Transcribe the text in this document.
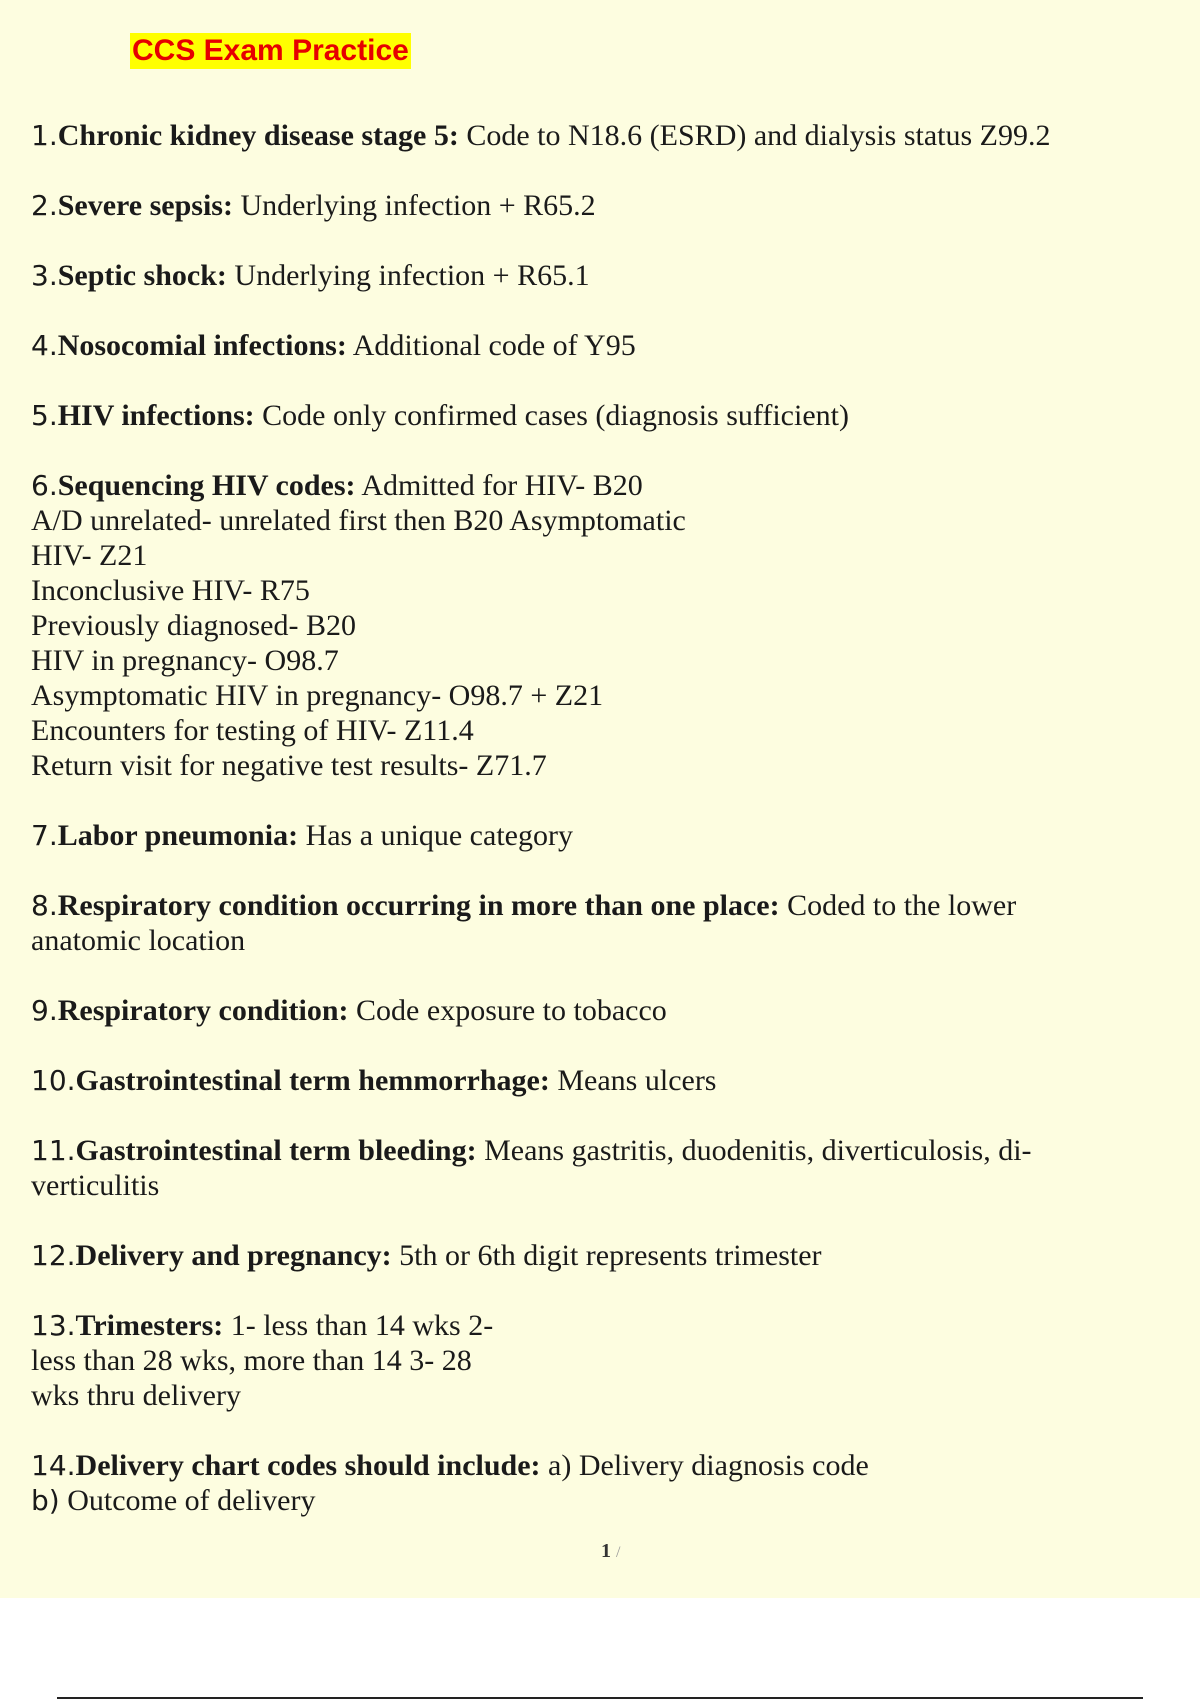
CCS Exam Practice
1.Chronic kidney disease stage 5: Code to N18.6 (ESRD) and dialysis status Z99.2
2.Severe sepsis: Underlying infection + R65.2
3.Septic shock: Underlying infection + R65.1
4.Nosocomial infections: Additional code of Y95
5.HIV infections: Code only confirmed cases (diagnosis sufficient)
6.Sequencing HIV codes: Admitted for HIV- B20
A/D unrelated- unrelated first then B20 Asymptomatic
HIV- Z21
Inconclusive HIV- R75
Previously diagnosed- B20
HIV in pregnancy- O98.7
Asymptomatic HIV in pregnancy- O98.7 + Z21
Encounters for testing of HIV- Z11.4
Return visit for negative test results- Z71.7
7.Labor pneumonia: Has a unique category
8.Respiratory condition occurring in more than one place: Coded to the lower
anatomic location
9.Respiratory condition: Code exposure to tobacco
10.Gastrointestinal term hemmorrhage: Means ulcers
11.Gastrointestinal term bleeding: Means gastritis, duodenitis, diverticulosis, di-
verticulitis
12.Delivery and pregnancy: 5th or 6th digit represents trimester
13.Trimesters: 1- less than 14 wks 2-
less than 28 wks, more than 14 3- 28
wks thru delivery
14.Delivery chart codes should include: a) Delivery diagnosis code
b) Outcome of delivery
1 /
